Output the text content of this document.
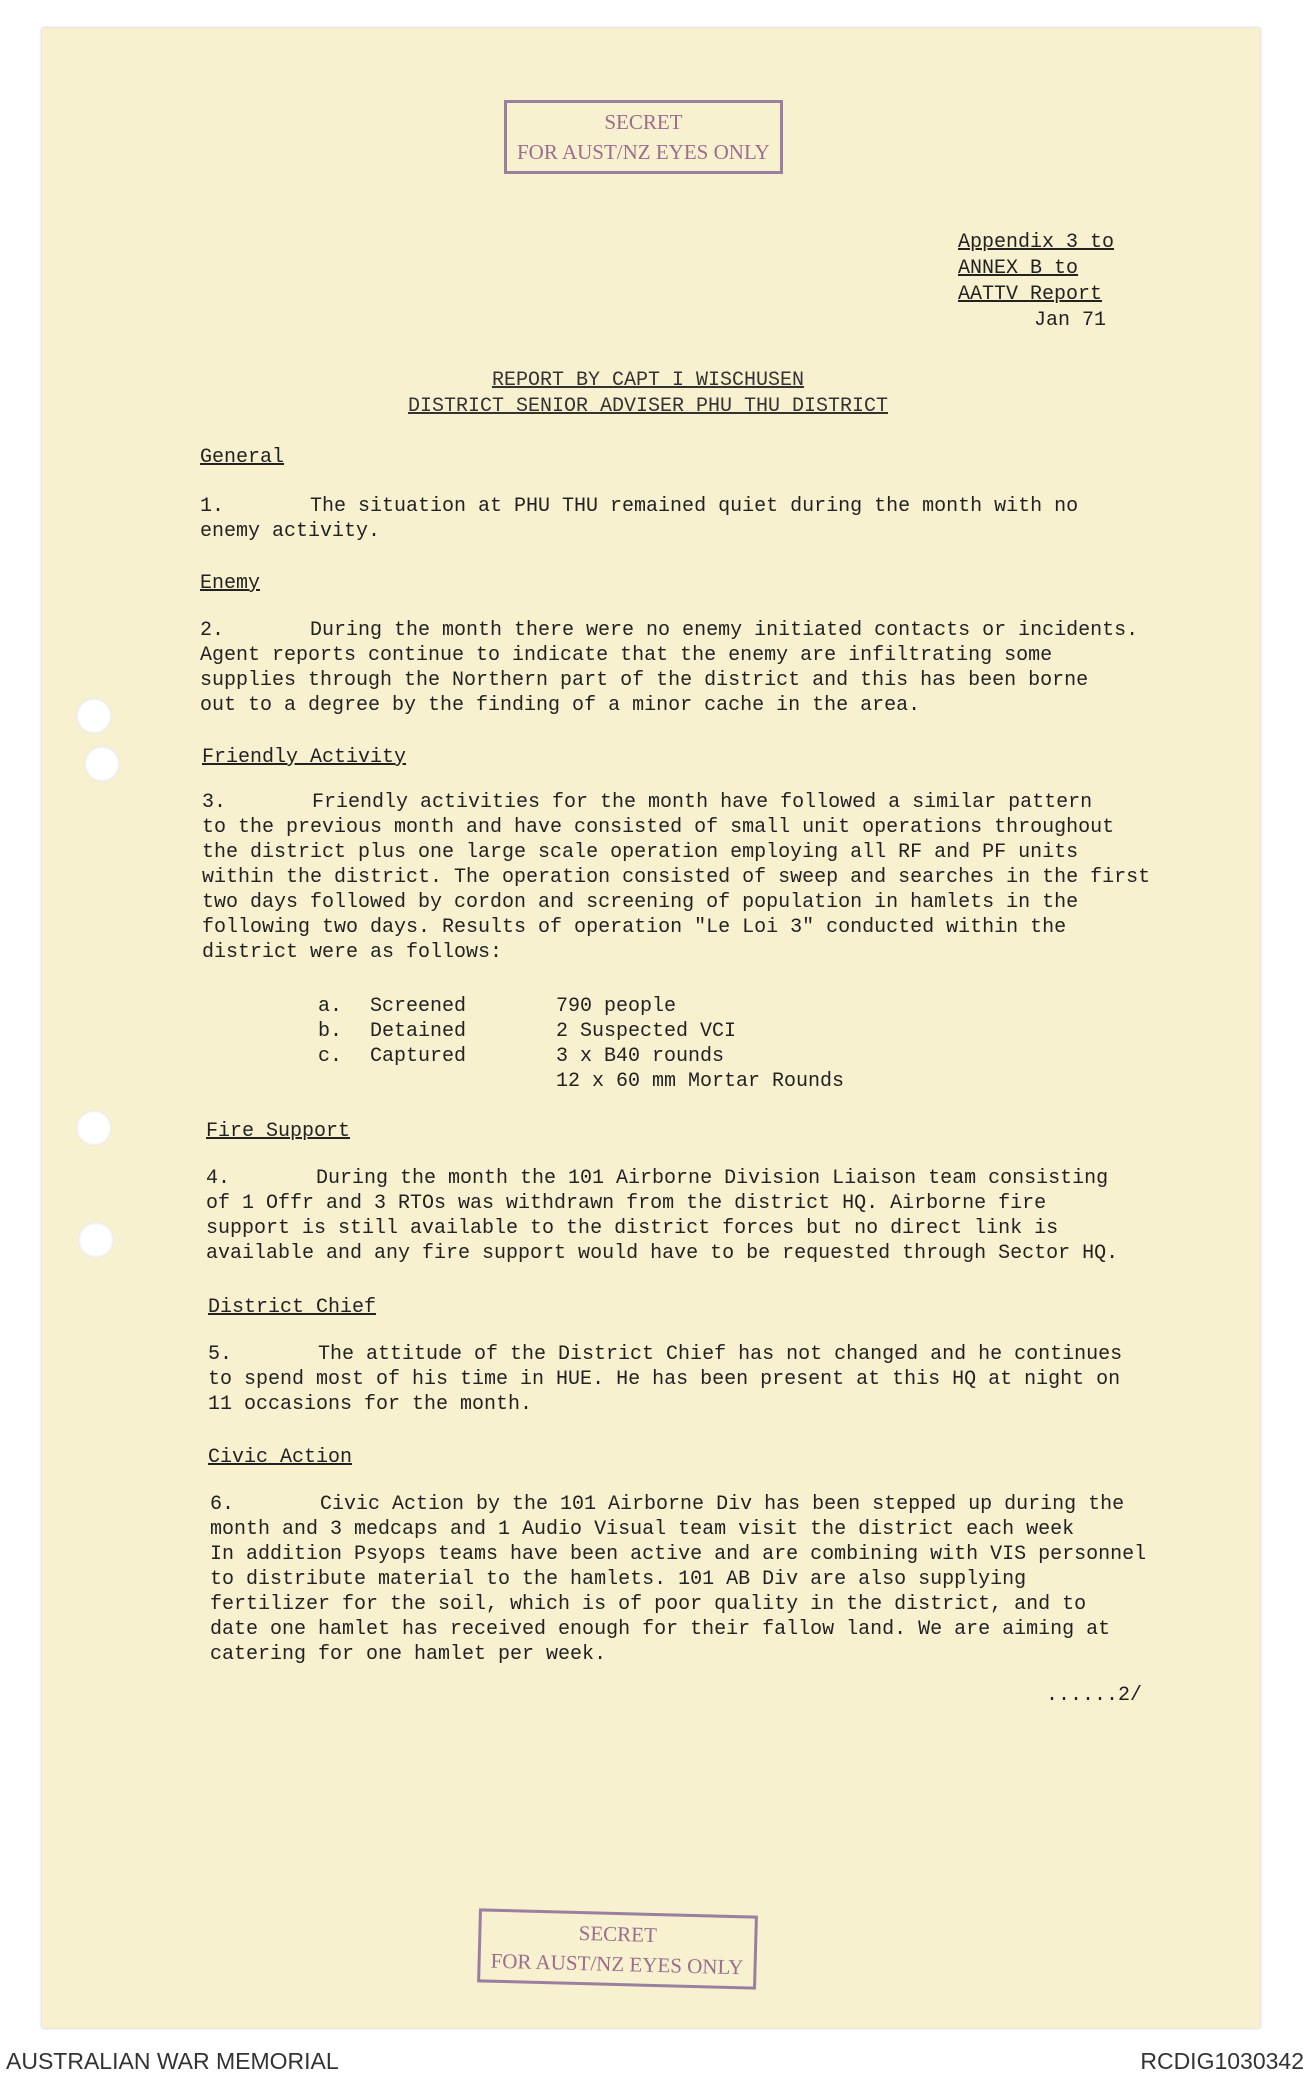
SECRET
FOR AUST/NZ EYES ONLY
Appendix 3 to
ANNEX B to
AATTV Report
Jan 71
REPORT BY CAPT I WISCHUSEN
DISTRICT SENIOR ADVISER PHU THU DISTRICT
General
1.	The situation at PHU THU remained quiet during the month with no
enemy activity.
Enemy
2.	During the month there were no enemy initiated contacts or incidents.
Agent reports continue to indicate that the enemy are infiltrating some
supplies through the Northern part of the district and this has been borne
out to a degree by the finding of a minor cache in the area.
Friendly Activity
3.	Friendly activities for the month have followed a similar pattern
to the previous month and have consisted of small unit operations throughout
the district plus one large scale operation employing all RF and PF units
within the district. The operation consisted of sweep and searches in the first
two days followed by cordon and screening of population in hamlets in the
following two days. Results of operation "Le Loi 3" conducted within the
district were as follows:
a.	Screened	790 people
b.	Detained	2 Suspected VCI
c.	Captured	3 x B40 rounds
12 x 60 mm Mortar Rounds
Fire Support
4.	During the month the 101 Airborne Division Liaison team consisting
of 1 Offr and 3 RTOs was withdrawn from the district HQ. Airborne fire
support is still available to the district forces but no direct link is
available and any fire support would have to be requested through Sector HQ.
District Chief
5.	The attitude of the District Chief has not changed and he continues
to spend most of his time in HUE. He has been present at this HQ at night on
11 occasions for the month.
Civic Action
6.	Civic Action by the 101 Airborne Div has been stepped up during the
month and 3 medcaps and 1 Audio Visual team visit the district each week
In addition Psyops teams have been active and are combining with VIS personnel
to distribute material to the hamlets. 101 AB Div are also supplying
fertilizer for the soil, which is of poor quality in the district, and to
date one hamlet has received enough for their fallow land. We are aiming at
catering for one hamlet per week.
......2/
SECRET
FOR AUST/NZ EYES ONLY
AUSTRALIAN WAR MEMORIAL	RCDIG1030342
